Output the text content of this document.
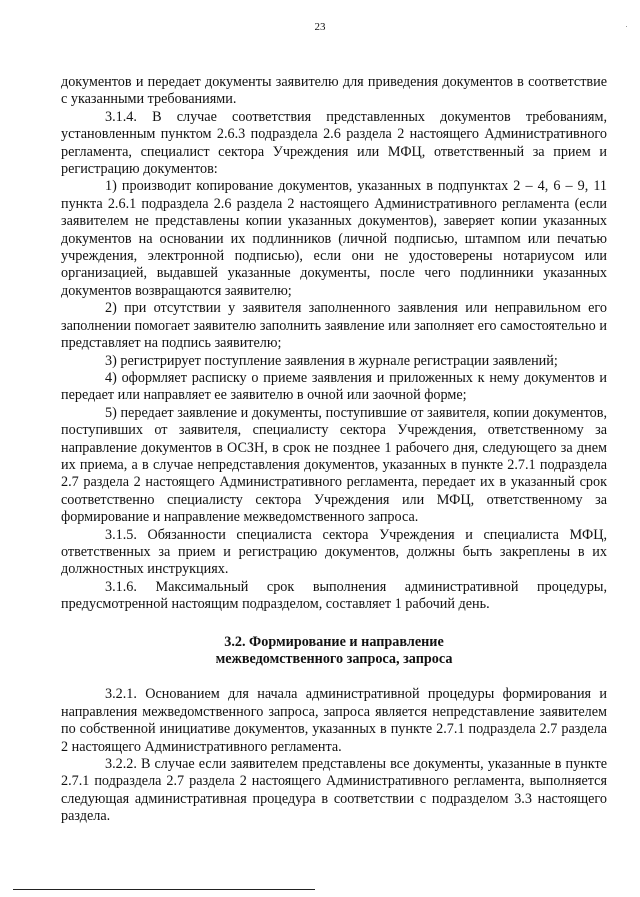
23

документов и передает документы заявителю для приведения документов в соответствие с указанными требованиями.

3.1.4. В случае соответствия представленных документов требованиям, установленным пунктом 2.6.3 подраздела 2.6 раздела 2 настоящего Административного регламента, специалист сектора Учреждения или МФЦ, ответственный за прием и регистрацию документов:

1) производит копирование документов, указанных в подпунктах 2 – 4, 6 – 9, 11 пункта 2.6.1 подраздела 2.6 раздела 2 настоящего Административного регламента (если заявителем не представлены копии указанных документов), заверяет копии указанных документов на основании их подлинников (личной подписью, штампом или печатью учреждения, электронной подписью), если они не удостоверены нотариусом или организацией, выдавшей указанные документы, после чего подлинники указанных документов возвращаются заявителю;

2) при отсутствии у заявителя заполненного заявления или неправильном его заполнении помогает заявителю заполнить заявление или заполняет его самостоятельно и представляет на подпись заявителю;

3) регистрирует поступление заявления в журнале регистрации заявлений;

4) оформляет расписку о приеме заявления и приложенных к нему документов и передает или направляет ее заявителю в очной или заочной форме;

5) передает заявление и документы, поступившие от заявителя, копии документов, поступивших от заявителя, специалисту сектора Учреждения, ответственному за направление документов в ОСЗН, в срок не позднее 1 рабочего дня, следующего за днем их приема, а в случае непредставления документов, указанных в пункте 2.7.1 подраздела 2.7 раздела 2 настоящего Административного регламента, передает их в указанный срок соответственно специалисту сектора Учреждения или МФЦ, ответственному за формирование и направление межведомственного запроса.

3.1.5. Обязанности специалиста сектора Учреждения и специалиста МФЦ, ответственных за прием и регистрацию документов, должны быть закреплены в их должностных инструкциях.

3.1.6. Максимальный срок выполнения административной процедуры, предусмотренной настоящим подразделом, составляет 1 рабочий день.

3.2. Формирование и направление
межведомственного запроса, запроса

3.2.1. Основанием для начала административной процедуры формирования и направления межведомственного запроса, запроса является непредставление заявителем по собственной инициативе документов, указанных в пункте 2.7.1 подраздела 2.7 раздела 2 настоящего Административного регламента.

3.2.2. В случае если заявителем представлены все документы, указанные в пункте 2.7.1 подраздела 2.7 раздела 2 настоящего Административного регламента, выполняется следующая административная процедура в соответствии с подразделом 3.3 настоящего раздела.
